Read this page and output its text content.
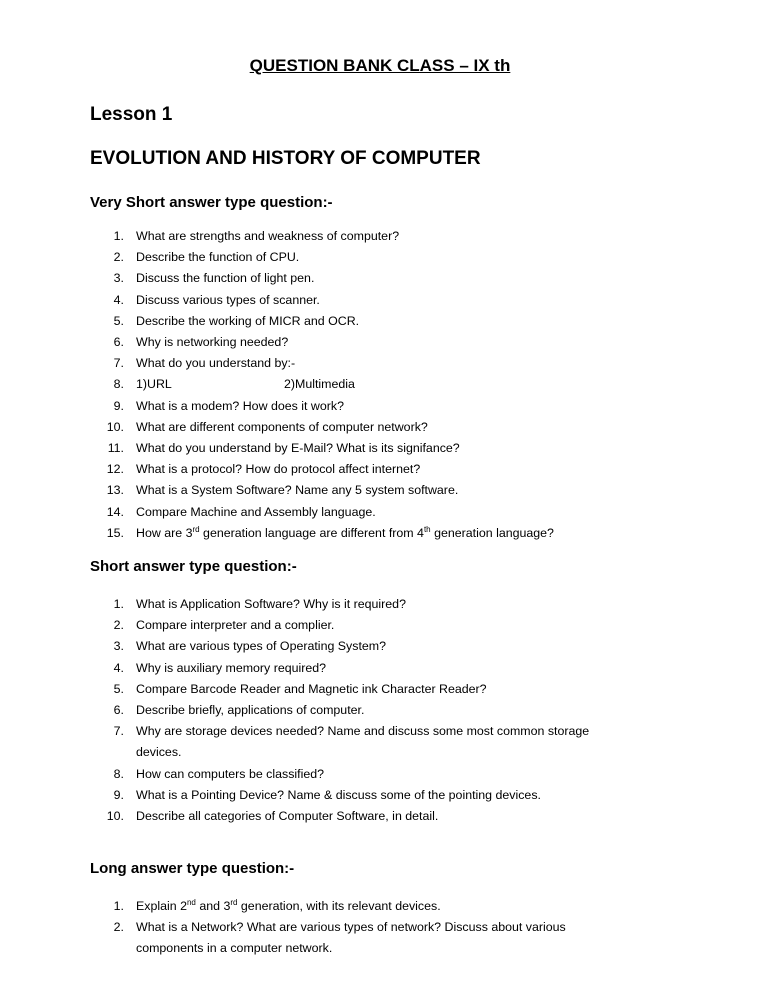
QUESTION BANK CLASS – IX th
Lesson 1
EVOLUTION AND HISTORY OF COMPUTER
Very Short answer type question:-
1. What are strengths and weakness of computer?
2. Describe the function of CPU.
3. Discuss the function of light pen.
4. Discuss various types of scanner.
5. Describe the working of MICR and OCR.
6. Why is networking needed?
7. What do you understand by:-
8. 1)URL	2)Multimedia
9. What is a modem? How does it work?
10. What are different components of computer network?
11. What do you understand by E-Mail? What is its signifance?
12. What is a protocol? How do protocol affect internet?
13. What is a System Software? Name any 5 system software.
14. Compare Machine and Assembly language.
15. How are 3rd generation language are different from 4th generation language?
Short answer type question:-
1. What is Application Software? Why is it required?
2. Compare interpreter and a complier.
3. What are various types of Operating System?
4. Why is auxiliary memory required?
5. Compare Barcode Reader and Magnetic ink Character Reader?
6. Describe briefly, applications of computer.
7. Why are storage devices needed? Name and discuss some most common storage
devices.
8. How can computers be classified?
9. What is a Pointing Device? Name & discuss some of the pointing devices.
10. Describe all categories of Computer Software, in detail.
Long answer type question:-
1. Explain 2nd and 3rd generation, with its relevant devices.
2. What is a Network? What are various types of network? Discuss about various
components in a computer network.
